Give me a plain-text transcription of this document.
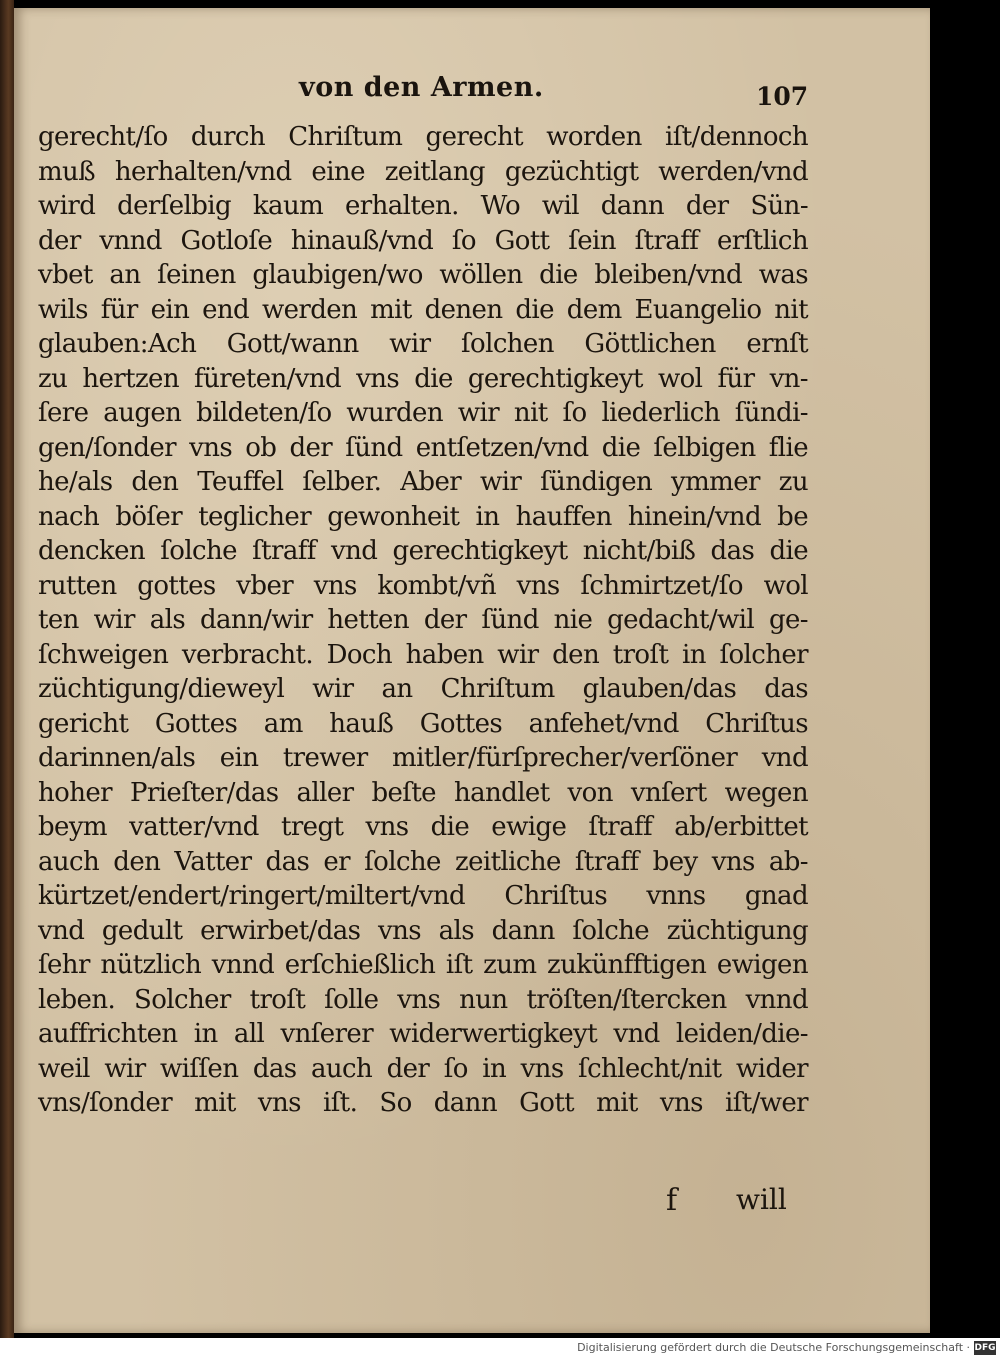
von den Armen.	107
gerecht/ſo durch Chriſtum gerecht worden iſt/dennoch
muß herhalten/vnd eine zeitlang gezüchtigt werden/vnd
wird derſelbig kaum erhalten. Wo wil dann der Sün-
der vnnd Gotloſe hinauß/vnd ſo Gott ſein ſtraff erſtlich
vbet an ſeinen glaubigen/wo wöllen die bleiben/vnd was
wils für ein end werden mit denen die dem Euangelio nit
glauben:Ach Gott/wann wir ſolchen Göttlichen ernſt
zu hertzen füreten/vnd vns die gerechtigkeyt wol für vn-
ſere augen bildeten/ſo wurden wir nit ſo liederlich ſündi-
gen/ſonder vns ob der ſünd entſetzen/vnd die ſelbigen flie
he/als den Teuffel ſelber. Aber wir ſündigen ymmer zu
nach böſer teglicher gewonheit in hauffen hinein/vnd be
dencken ſolche ſtraff vnd gerechtigkeyt nicht/biß das die
rutten gottes vber vns kombt/vñ vns ſchmirtzet/ſo wol
ten wir als dann/wir hetten der ſünd nie gedacht/wil ge-
ſchweigen verbracht. Doch haben wir den troſt in ſolcher
züchtigung/dieweyl wir an Chriſtum glauben/das das
gericht Gottes am hauß Gottes anfehet/vnd Chriſtus
darinnen/als ein trewer mitler/fürſprecher/verſöner vnd
hoher Prieſter/das aller beſte handlet von vnſert wegen
beym vatter/vnd tregt vns die ewige ſtraff ab/erbittet
auch den Vatter das er ſolche zeitliche ſtraff bey vns ab-
kürtzet/endert/ringert/miltert/vnd Chriſtus vnns gnad
vnd gedult erwirbet/das vns als dann ſolche züchtigung
ſehr nützlich vnnd erſchießlich iſt zum zukünfftigen ewigen
leben. Solcher troſt ſolle vns nun tröſten/ſtercken vnnd
auffrichten in all vnſerer widerwertigkeyt vnd leiden/die-
weil wir wiſſen das auch der ſo in vns ſchlecht/nit wider
vns/ſonder mit vns iſt. So dann Gott mit vns iſt/wer
f will
Digitalisierung gefördert durch die Deutsche Forschungsgemeinschaft · DFG
